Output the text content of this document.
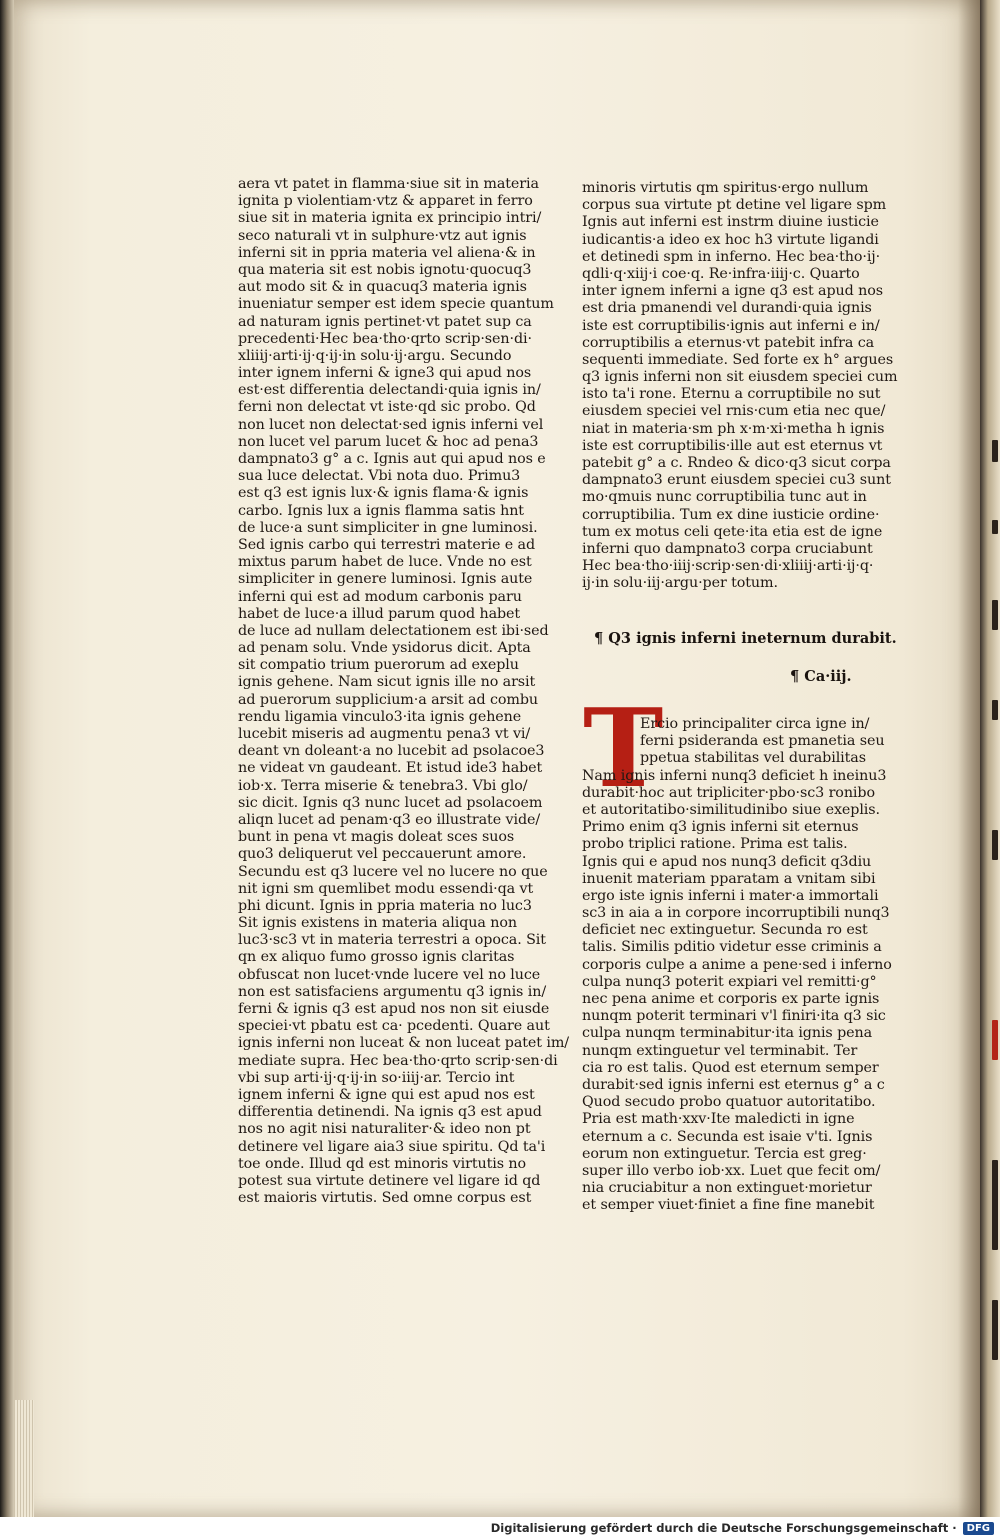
aera vt patet in flamma·siue sit in materia
ignita p violentiam·vtz & apparet in ferro
siue sit in materia ignita ex principio intri/
seco naturali vt in sulphure·vtz aut ignis
inferni sit in ppria materia vel aliena·& in
qua materia sit est nobis ignotu·quocuq3
aut modo sit & in quacuq3 materia ignis
inueniatur semper est idem specie quantum
ad naturam ignis pertinet·vt patet sup ca
precedenti·Hec bea·tho·qrto scrip·sen·di·
xliiij·arti·ij·q·ij·in solu·ij·argu. Secundo
inter ignem inferni & igne3 qui apud nos
est·est differentia delectandi·quia ignis in/
ferni non delectat vt iste·qd sic probo. Qd
non lucet non delectat·sed ignis inferni vel
non lucet vel parum lucet & hoc ad pena3
dampnato3 g° a c. Ignis aut qui apud nos e
sua luce delectat. Vbi nota duo. Primu3
est q3 est ignis lux·& ignis flama·& ignis
carbo. Ignis lux a ignis flamma satis hnt
de luce·a sunt simpliciter in gne luminosi.
Sed ignis carbo qui terrestri materie e ad
mixtus parum habet de luce. Vnde no est
simpliciter in genere luminosi. Ignis aute
inferni qui est ad modum carbonis paru
habet de luce·a illud parum quod habet
de luce ad nullam delectationem est ibi·sed
ad penam solu. Vnde ysidorus dicit. Apta
sit compatio trium puerorum ad exeplu
ignis gehene. Nam sicut ignis ille no arsit
ad puerorum supplicium·a arsit ad combu
rendu ligamia vinculo3·ita ignis gehene
lucebit miseris ad augmentu pena3 vt vi/
deant vn doleant·a no lucebit ad psolacoe3
ne videat vn gaudeant. Et istud ide3 habet
iob·x. Terra miserie & tenebra3. Vbi glo/
sic dicit. Ignis q3 nunc lucet ad psolacoem
aliqn lucet ad penam·q3 eo illustrate vide/
bunt in pena vt magis doleat sces suos
quo3 deliquerut vel peccauerunt amore.
Secundu est q3 lucere vel no lucere no que
nit igni sm quemlibet modu essendi·qa vt
phi dicunt. Ignis in ppria materia no luc3
Sit ignis existens in materia aliqua non
luc3·sc3 vt in materia terrestri a opoca. Sit
qn ex aliquo fumo grosso ignis claritas
obfuscat non lucet·vnde lucere vel no luce
non est satisfaciens argumentu q3 ignis in/
ferni & ignis q3 est apud nos non sit eiusde
speciei·vt pbatu est ca· pcedenti. Quare aut
ignis inferni non luceat & non luceat patet im/
mediate supra. Hec bea·tho·qrto scrip·sen·di
vbi sup arti·ij·q·ij·in so·iiij·ar. Tercio int
ignem inferni & igne qui est apud nos est
differentia detinendi. Na ignis q3 est apud
nos no agit nisi naturaliter·& ideo non pt
detinere vel ligare aia3 siue spiritu. Qd ta'i
toe onde. Illud qd est minoris virtutis no
potest sua virtute detinere vel ligare id qd
est maioris virtutis. Sed omne corpus est
minoris virtutis qm spiritus·ergo nullum
corpus sua virtute pt detine vel ligare spm
Ignis aut inferni est instrm diuine iusticie
iudicantis·a ideo ex hoc h3 virtute ligandi
et detinedi spm in inferno. Hec bea·tho·ij·
qdli·q·xiij·i coe·q. Re·infra·iiij·c. Quarto
inter ignem inferni a igne q3 est apud nos
est dria pmanendi vel durandi·quia ignis
iste est corruptibilis·ignis aut inferni e in/
corruptibilis a eternus·vt patebit infra ca
sequenti immediate. Sed forte ex h° argues
q3 ignis inferni non sit eiusdem speciei cum
isto ta'i rone. Eternu a corruptibile no sut
eiusdem speciei vel rnis·cum etia nec que/
niat in materia·sm ph x·m·xi·metha h ignis
iste est corruptibilis·ille aut est eternus vt
patebit g° a c. Rndeo & dico·q3 sicut corpa
dampnato3 erunt eiusdem speciei cu3 sunt
mo·qmuis nunc corruptibilia tunc aut in
corruptibilia. Tum ex dine iusticie ordine·
tum ex motus celi qete·ita etia est de igne
inferni quo dampnato3 corpa cruciabunt
Hec bea·tho·iiij·scrip·sen·di·xliiij·arti·ij·q·
ij·in solu·iij·argu·per totum.
¶ Q3 ignis inferni ineternum durabit.
¶ Ca·iij.
T
Ercio principaliter circa igne in/
ferni psideranda est pmanetia seu
ppetua stabilitas vel durabilitas
Nam ignis inferni nunq3 deficiet h ineinu3
durabit·hoc aut tripliciter·pbo·sc3 ronibo
et autoritatibo·similitudinibo siue exeplis.
Primo enim q3 ignis inferni sit eternus
probo triplici ratione. Prima est talis.
Ignis qui e apud nos nunq3 deficit q3diu
inuenit materiam pparatam a vnitam sibi
ergo iste ignis inferni i mater·a immortali
sc3 in aia a in corpore incorruptibili nunq3
deficiet nec extinguetur. Secunda ro est
talis. Similis pditio videtur esse criminis a
corporis culpe a anime a pene·sed i inferno
culpa nunq3 poterit expiari vel remitti·g°
nec pena anime et corporis ex parte ignis
nunqm poterit terminari v'l finiri·ita q3 sic
culpa nunqm terminabitur·ita ignis pena
nunqm extinguetur vel terminabit. Ter
cia ro est talis. Quod est eternum semper
durabit·sed ignis inferni est eternus g° a c
Quod secudo probo quatuor autoritatibo.
Pria est math·xxv·Ite maledicti in igne
eternum a c. Secunda est isaie v'ti. Ignis
eorum non extinguetur. Tercia est greg·
super illo verbo iob·xx. Luet que fecit om/
nia cruciabitur a non extinguet·morietur
et semper viuet·finiet a fine fine manebit
Digitalisierung gefördert durch die Deutsche Forschungsgemeinschaft ·	DFG
